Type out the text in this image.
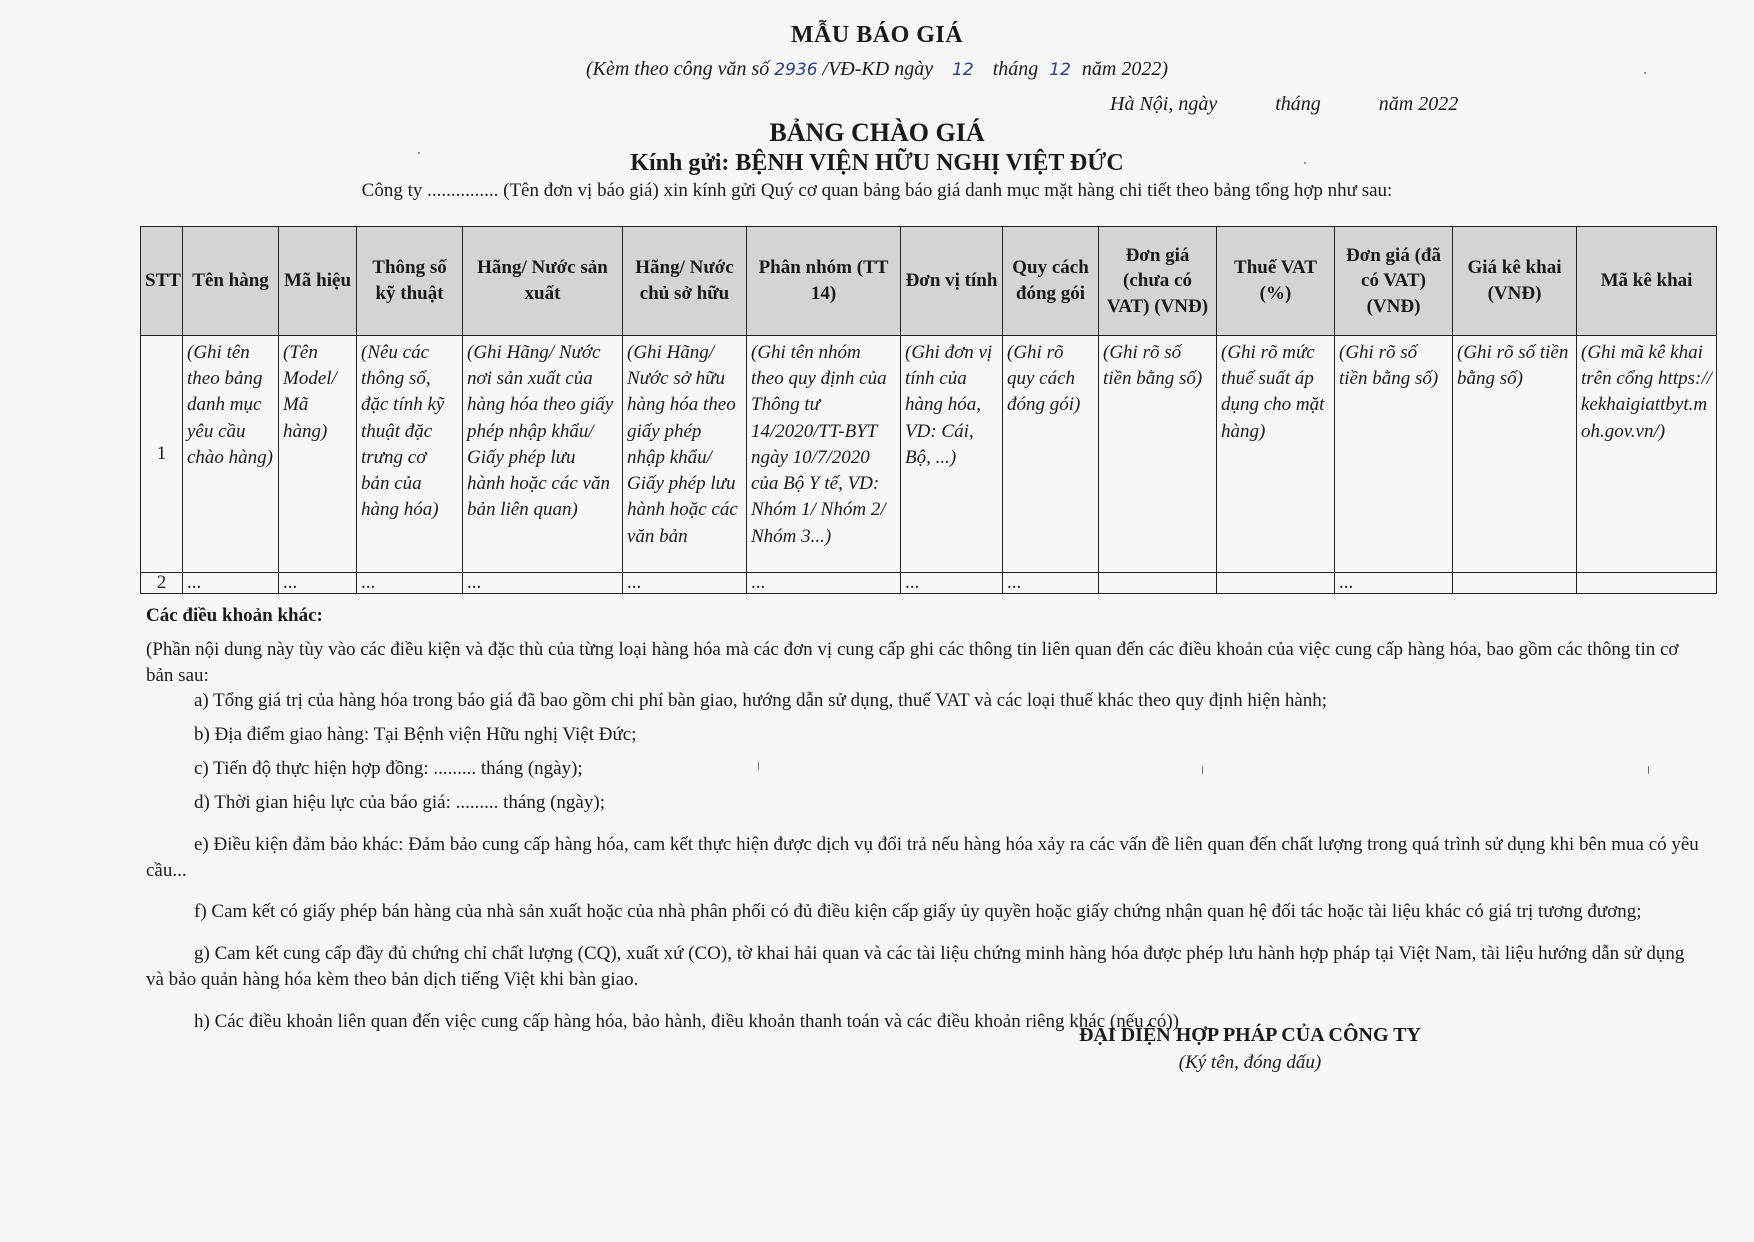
MẪU BÁO GIÁ
(Kèm theo công văn số 2936 /VĐ-KD ngày 12 tháng 12 năm 2022)
Hà Nội, ngày	tháng	năm 2022
BẢNG CHÀO GIÁ
Kính gửi: BỆNH VIỆN HỮU NGHỊ VIỆT ĐỨC
Công ty ............... (Tên đơn vị báo giá) xin kính gửi Quý cơ quan bảng báo giá danh mục mặt hàng chi tiết theo bảng tổng hợp như sau:
STT	Tên hàng	Mã hiệu	Thông số kỹ thuật	Hãng/ Nước sản xuất	Hãng/ Nước chủ sở hữu	Phân nhóm (TT 14)	Đơn vị tính	Quy cách đóng gói	Đơn giá (chưa có VAT) (VNĐ)	Thuế VAT (%)	Đơn giá (đã có VAT) (VNĐ)	Giá kê khai (VNĐ)	Mã kê khai
1	(Ghi tên theo bảng danh mục yêu cầu chào hàng)	(Tên Model/ Mã hàng)	(Nêu các thông số, đặc tính kỹ thuật đặc trưng cơ bản của hàng hóa)	(Ghi Hãng/ Nước nơi sản xuất của hàng hóa theo giấy phép nhập khẩu/ Giấy phép lưu hành hoặc các văn bản liên quan)	(Ghi Hãng/ Nước sở hữu hàng hóa theo giấy phép nhập khẩu/ Giấy phép lưu hành hoặc các văn bản	(Ghi tên nhóm theo quy định của Thông tư 14/2020/TT-BYT ngày 10/7/2020 của Bộ Y tế, VD: Nhóm 1/ Nhóm 2/ Nhóm 3...)	(Ghi đơn vị tính của hàng hóa, VD: Cái, Bộ, ...)	(Ghi rõ quy cách đóng gói)	(Ghi rõ số tiền bằng số)	(Ghi rõ mức thuế suất áp dụng cho mặt hàng)	(Ghi rõ số tiền bằng số)	(Ghi rõ số tiền bằng số)	(Ghi mã kê khai trên cổng https://kekhaigiattbyt.moh.gov.vn/)
2	...	...	...	...	...	...	...	...			...		

Các điều khoản khác:

(Phần nội dung này tùy vào các điều kiện và đặc thù của từng loại hàng hóa mà các đơn vị cung cấp ghi các thông tin liên quan đến các điều khoản của việc cung cấp hàng hóa, bao gồm các thông tin cơ bản sau:

a) Tổng giá trị của hàng hóa trong báo giá đã bao gồm chi phí bàn giao, hướng dẫn sử dụng, thuế VAT và các loại thuế khác theo quy định hiện hành;

b) Địa điểm giao hàng: Tại Bệnh viện Hữu nghị Việt Đức;

c) Tiến độ thực hiện hợp đồng: ......... tháng (ngày);

d) Thời gian hiệu lực của báo giá: ......... tháng (ngày);

e) Điều kiện đảm bảo khác: Đảm bảo cung cấp hàng hóa, cam kết thực hiện được dịch vụ đổi trả nếu hàng hóa xảy ra các vấn đề liên quan đến chất lượng trong quá trình sử dụng khi bên mua có yêu cầu...

f) Cam kết có giấy phép bán hàng của nhà sản xuất hoặc của nhà phân phối có đủ điều kiện cấp giấy ủy quyền hoặc giấy chứng nhận quan hệ đối tác hoặc tài liệu khác có giá trị tương đương;

g) Cam kết cung cấp đầy đủ chứng chỉ chất lượng (CQ), xuất xứ (CO), tờ khai hải quan và các tài liệu chứng minh hàng hóa được phép lưu hành hợp pháp tại Việt Nam, tài liệu hướng dẫn sử dụng và bảo quản hàng hóa kèm theo bản dịch tiếng Việt khi bàn giao.

h) Các điều khoản liên quan đến việc cung cấp hàng hóa, bảo hành, điều khoản thanh toán và các điều khoản riêng khác (nếu có))

ĐẠI DIỆN HỢP PHÁP CỦA CÔNG TY
(Ký tên, đóng dấu)
